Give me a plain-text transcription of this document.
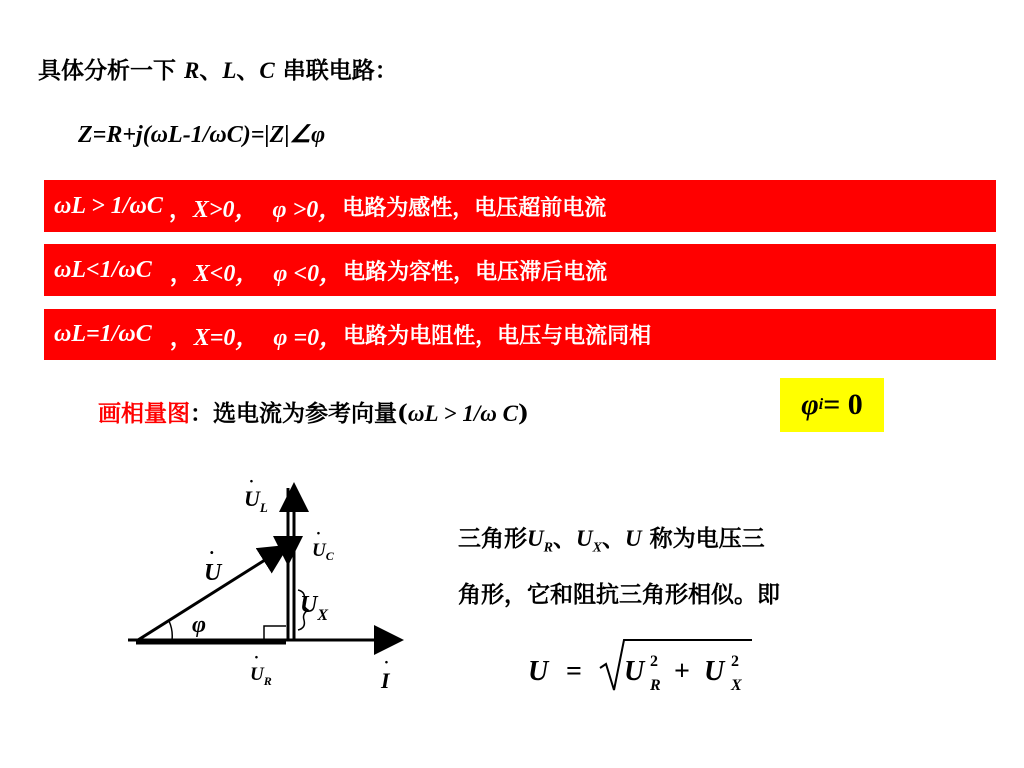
具体分析一下 R、L、C 串联电路：
Z=R+j(ωL-1/ωC)=|Z|∠φ
ωL > 1/ωC ， X>0， φ >0， 电路为感性，电压超前电流
ωL<1/ωC ， X<0， φ <0， 电路为容性，电压滞后电流
ωL=1/ωC ， X=0， φ =0， 电路为电阻性，电压与电流同相
画相量图：选电流为参考向量(ωL > 1/ω C)	φ i = 0
$U_L$
·
$U_C$
·
U
·
$U_X$
φ
$U_R$
·
I
·
三角形$U_R$、$U_X$、U 称为电压三
角形，它和阻抗三角形相似。即
U = U 2
R + U 2
X
